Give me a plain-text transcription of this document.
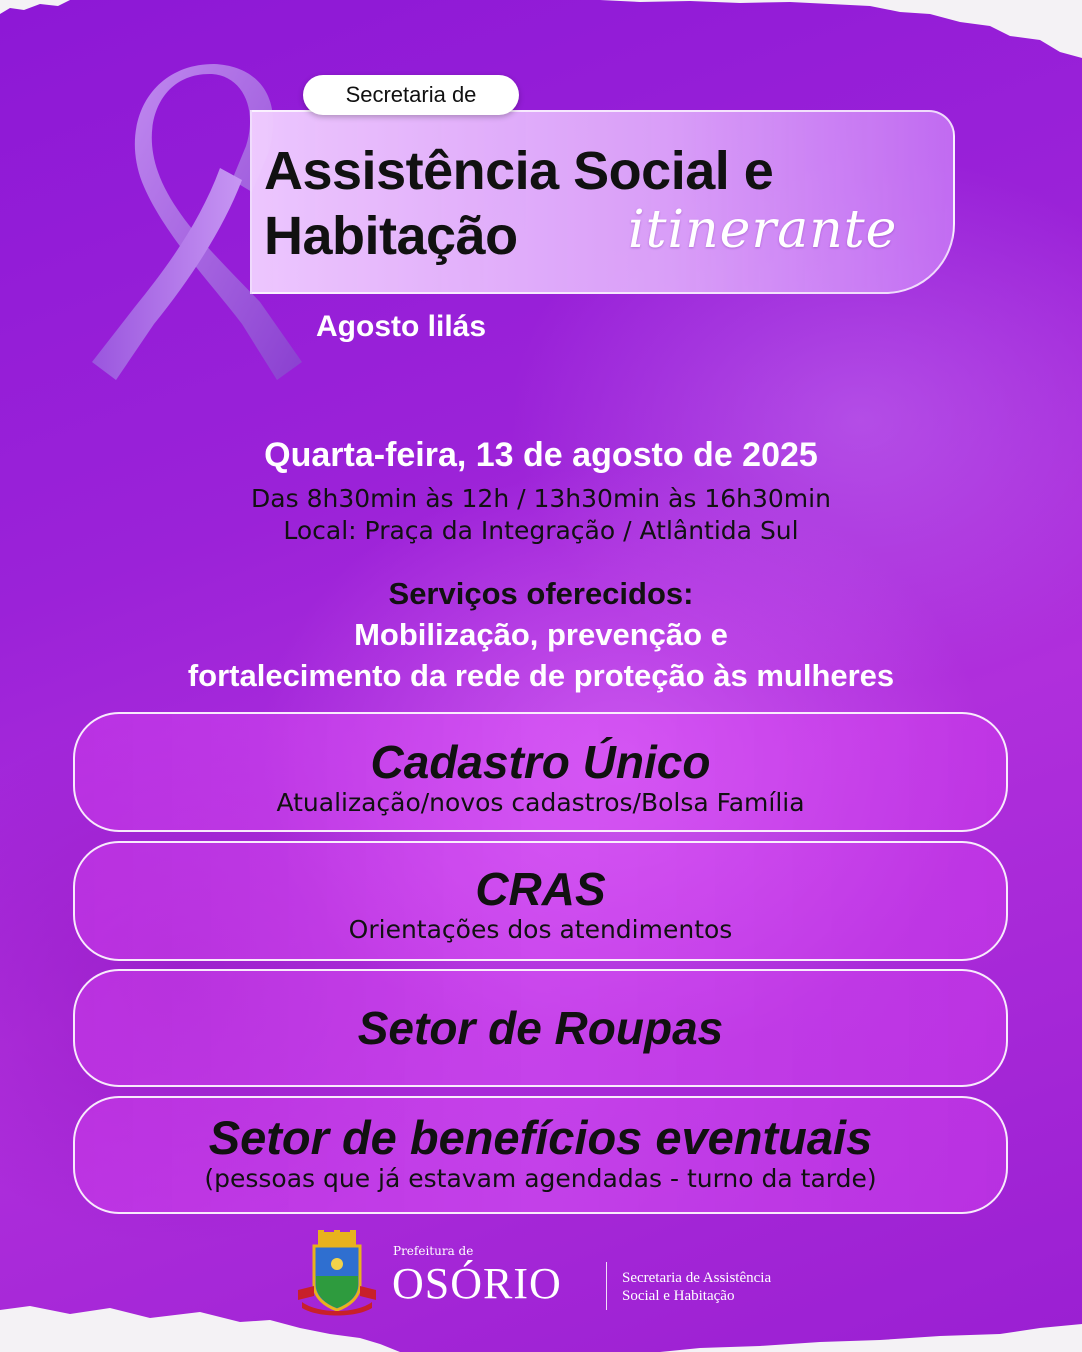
Secretaria de
Assistência Social e
Habitação itinerante
Agosto lilás
Quarta-feira, 13 de agosto de 2025
Das 8h30min às 12h / 13h30min às 16h30min
Local: Praça da Integração / Atlântida Sul
Serviços oferecidos:
Mobilização, prevenção e
fortalecimento da rede de proteção às mulheres
Cadastro Único
Atualização/novos cadastros/Bolsa Família
CRAS
Orientações dos atendimentos
Setor de Roupas
Setor de benefícios eventuais
(pessoas que já estavam agendadas - turno da tarde)
Prefeitura de
OSÓRIO	Secretaria de Assistência
Social e Habitação
